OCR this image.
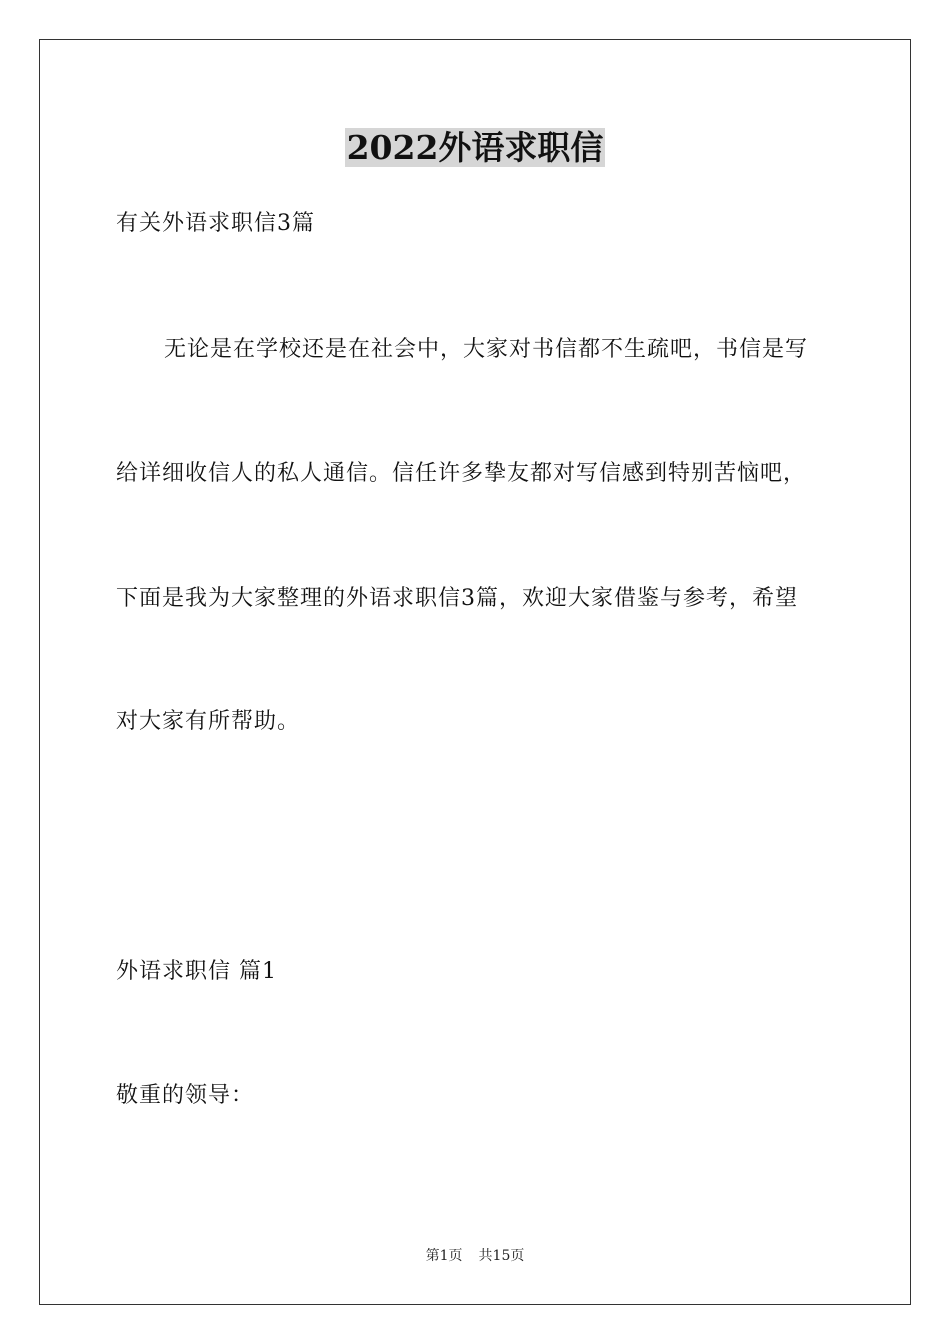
2022外语求职信
有关外语求职信3篇
无论是在学校还是在社会中，大家对书信都不生疏吧，书信是写
给详细收信人的私人通信。信任许多挚友都对写信感到特别苦恼吧，
下面是我为大家整理的外语求职信3篇，欢迎大家借鉴与参考，希望
对大家有所帮助。
外语求职信 篇1
敬重的领导：
第1页 共15页
